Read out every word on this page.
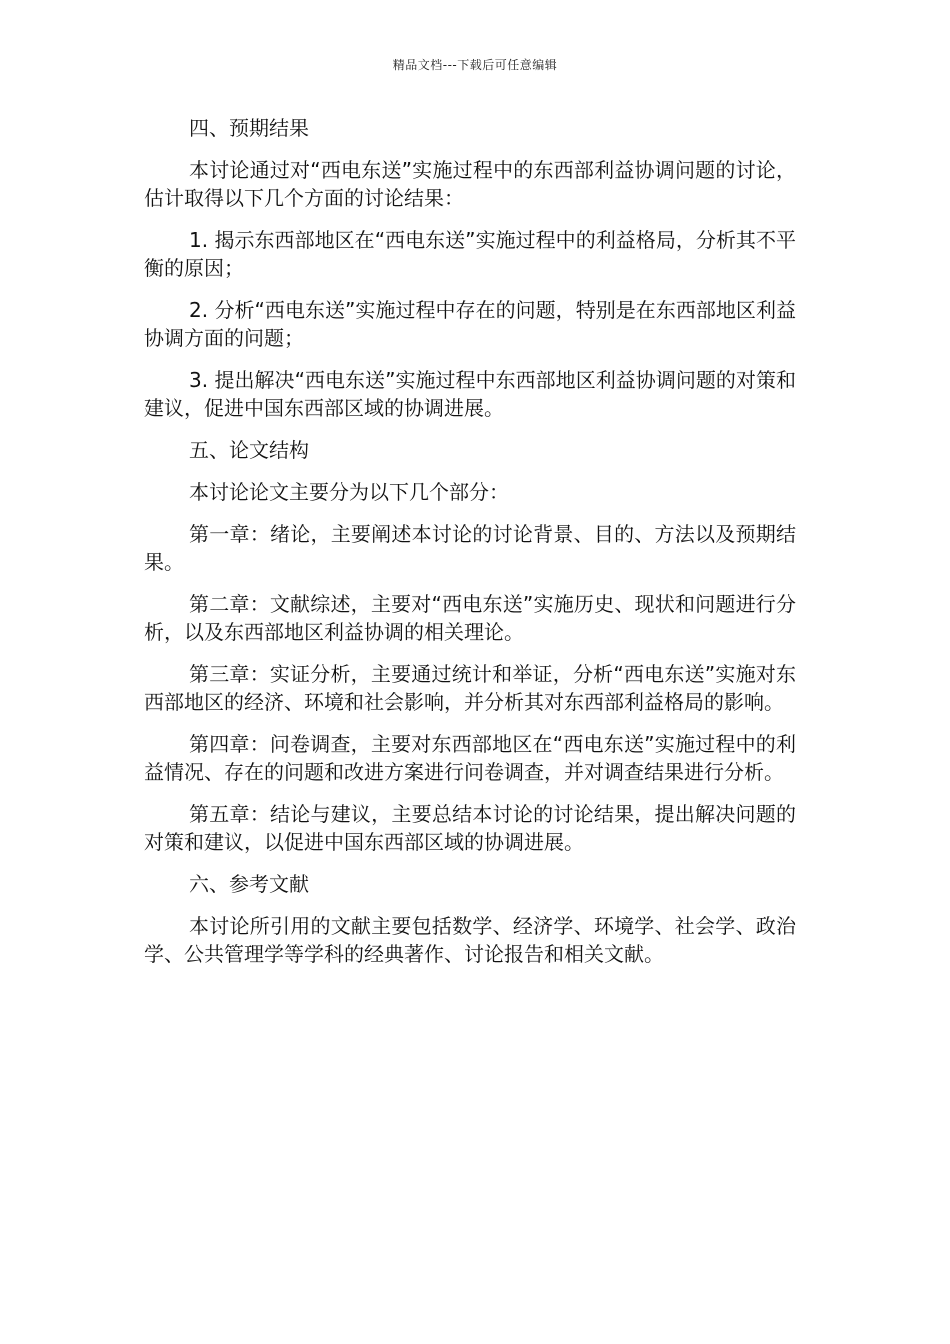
精品文档---下载后可任意编辑

四、预期结果

本讨论通过对“西电东送”实施过程中的东西部利益协调问题的讨论，估计取得以下几个方面的讨论结果：

1. 揭示东西部地区在“西电东送”实施过程中的利益格局，分析其不平衡的原因；

2. 分析“西电东送”实施过程中存在的问题，特别是在东西部地区利益协调方面的问题；

3. 提出解决“西电东送”实施过程中东西部地区利益协调问题的对策和建议，促进中国东西部区域的协调进展。

五、论文结构

本讨论论文主要分为以下几个部分：

第一章：绪论，主要阐述本讨论的讨论背景、目的、方法以及预期结果。

第二章：文献综述，主要对“西电东送”实施历史、现状和问题进行分析，以及东西部地区利益协调的相关理论。

第三章：实证分析，主要通过统计和举证，分析“西电东送”实施对东西部地区的经济、环境和社会影响，并分析其对东西部利益格局的影响。

第四章：问卷调查，主要对东西部地区在“西电东送”实施过程中的利益情况、存在的问题和改进方案进行问卷调查，并对调查结果进行分析。

第五章：结论与建议，主要总结本讨论的讨论结果，提出解决问题的对策和建议，以促进中国东西部区域的协调进展。

六、参考文献

本讨论所引用的文献主要包括数学、经济学、环境学、社会学、政治学、公共管理学等学科的经典著作、讨论报告和相关文献。
